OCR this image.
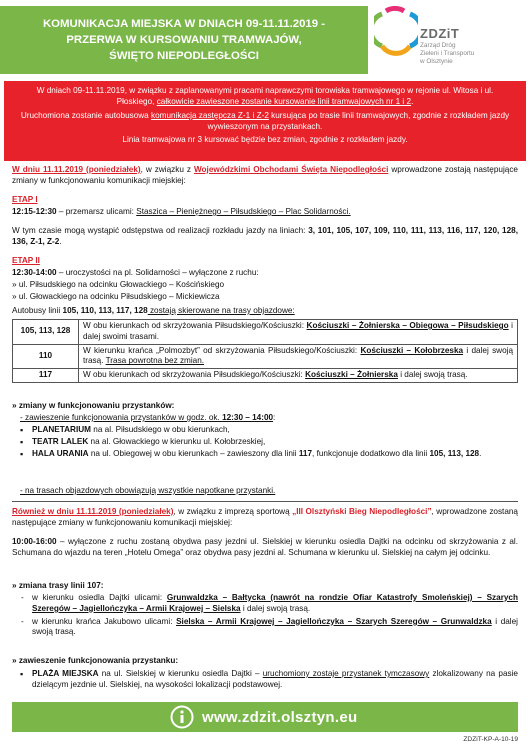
KOMUNIKACJA MIEJSKA W DNIACH 09-11.11.2019 -
PRZERWA W KURSOWANIU TRAMWAJÓW,
ŚWIĘTO NIEPODLEGŁOŚCI
ZDZiT
Zarząd Dróg
Zieleni i Transportu
w Olsztynie

W dniach 09-11.11.2019, w związku z zaplanowanymi pracami naprawczymi torowiska tramwajowego w rejonie ul. Witosa i ul. Płoskiego, całkowicie zawieszone zostanie kursowanie linii tramwajowych nr 1 i 2.

Uruchomiona zostanie autobusowa komunikacja zastępcza Z-1 i Z-2 kursująca po trasie linii tramwajowych, zgodnie z rozkładem jazdy wywieszonym na przystankach.

Linia tramwajowa nr 3 kursować będzie bez zmian, zgodnie z rozkładem jazdy.

W dniu 11.11.2019 (poniedziałek), w związku z Wojewódzkimi Obchodami Święta Niepodległości wprowadzone zostają następujące zmiany w funkcjonowaniu komunikacji miejskiej:
ETAP I
12:15-12:30 – przemarsz ulicami: Staszica – Pieniężnego – Piłsudskiego – Plac Solidarności.
W tym czasie mogą wystąpić odstępstwa od realizacji rozkładu jazdy na liniach: 3, 101, 105, 107, 109, 110, 111, 113, 116, 117, 120, 128, 136, Z-1, Z-2.
ETAP II
12:30-14:00 – uroczystości na pl. Solidarności – wyłączone z ruchu:
» ul. Piłsudskiego na odcinku Głowackiego – Kościńskiego
» ul. Głowackiego na odcinku Piłsudskiego – Mickiewicza
Autobusy linii 105, 110, 113, 117, 128 zostają skierowane na trasy objazdowe:
105, 113, 128	W obu kierunkach od skrzyżowania Piłsudskiego/Kościuszki: Kościuszki – Żołnierska – Obiegowa – Piłsudskiego i dalej swoimi trasami.
110	W kierunku krańca „Polmozbyt” od skrzyżowania Piłsudskiego/Kościuszki: Kościuszki – Kołobrzeska i dalej swoją trasą. Trasa powrotna bez zmian.
117	W obu kierunkach od skrzyżowania Piłsudskiego/Kościuszki: Kościuszki – Żołnierska i dalej swoją trasą.
» zmiany w funkcjonowaniu przystanków:
- zawieszenie funkcjonowania przystanków w godz. ok. 12:30 – 14:00:
▪ PLANETARIUM na al. Piłsudskiego w obu kierunkach,
▪ TEATR LALEK na al. Głowackiego w kierunku ul. Kołobrzeskiej,
▪ HALA URANIA na ul. Obiegowej w obu kierunkach – zawieszony dla linii 117, funkcjonuje dodatkowo dla linii 105, 113, 128.
- na trasach objazdowych obowiązują wszystkie napotkane przystanki.
Również w dniu 11.11.2019 (poniedziałek), w związku z imprezą sportową „III Olsztyński Bieg Niepodległości”, wprowadzone zostaną następujące zmiany w funkcjonowaniu komunikacji miejskiej:
10:00-16:00 – wyłączone z ruchu zostaną obydwa pasy jezdni ul. Sielskiej w kierunku osiedla Dajtki na odcinku od skrzyżowania z al. Schumana do wjazdu na teren „Hotelu Omega” oraz obydwa pasy jezdni al. Schumana w kierunku ul. Sielskiej na całym jej odcinku.
» zmiana trasy linii 107:
- w kierunku osiedla Dajtki ulicami: Grunwaldzka – Bałtycka (nawrót na rondzie Ofiar Katastrofy Smoleńskiej) – Szarych Szeregów – Jagiellończyka – Armii Krajowej – Sielska i dalej swoją trasą.
- w kierunku krańca Jakubowo ulicami: Sielska – Armii Krajowej – Jagiellończyka – Szarych Szeregów – Grunwaldzka i dalej swoją trasą.
» zawieszenie funkcjonowania przystanku:
▪ PLAŻA MIEJSKA na ul. Sielskiej w kierunku osiedla Dajtki – uruchomiony zostaje przystanek tymczasowy zlokalizowany na pasie dzielącym jezdnie ul. Sielskiej, na wysokości lokalizacji podstawowej.
www.zdzit.olsztyn.eu
ZDZiT-KP-A-10-19
